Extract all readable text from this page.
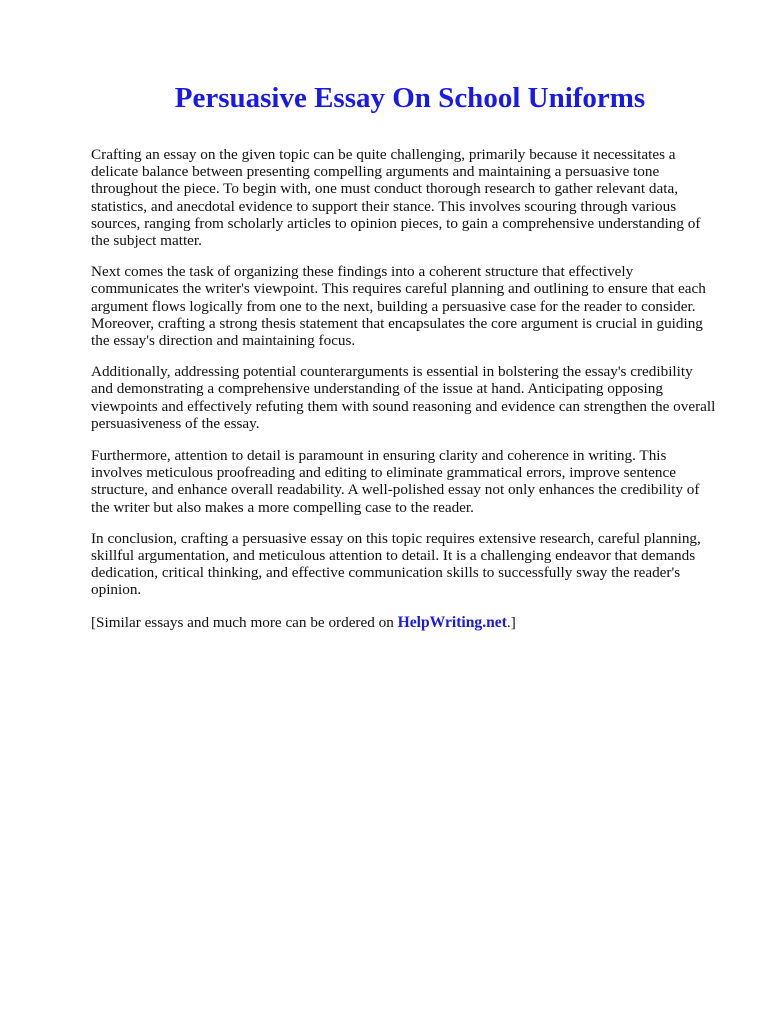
Persuasive Essay On School Uniforms

Crafting an essay on the given topic can be quite challenging, primarily because it necessitates a delicate balance between presenting compelling arguments and maintaining a persuasive tone throughout the piece. To begin with, one must conduct thorough research to gather relevant data, statistics, and anecdotal evidence to support their stance. This involves scouring through various sources, ranging from scholarly articles to opinion pieces, to gain a comprehensive understanding of the subject matter.

Next comes the task of organizing these findings into a coherent structure that effectively communicates the writer's viewpoint. This requires careful planning and outlining to ensure that each argument flows logically from one to the next, building a persuasive case for the reader to consider. Moreover, crafting a strong thesis statement that encapsulates the core argument is crucial in guiding the essay's direction and maintaining focus.

Additionally, addressing potential counterarguments is essential in bolstering the essay's credibility and demonstrating a comprehensive understanding of the issue at hand. Anticipating opposing viewpoints and effectively refuting them with sound reasoning and evidence can strengthen the overall persuasiveness of the essay.

Furthermore, attention to detail is paramount in ensuring clarity and coherence in writing. This involves meticulous proofreading and editing to eliminate grammatical errors, improve sentence structure, and enhance overall readability. A well-polished essay not only enhances the credibility of the writer but also makes a more compelling case to the reader.

In conclusion, crafting a persuasive essay on this topic requires extensive research, careful planning, skillful argumentation, and meticulous attention to detail. It is a challenging endeavor that demands dedication, critical thinking, and effective communication skills to successfully sway the reader's opinion.

[Similar essays and much more can be ordered on HelpWriting.net.]
